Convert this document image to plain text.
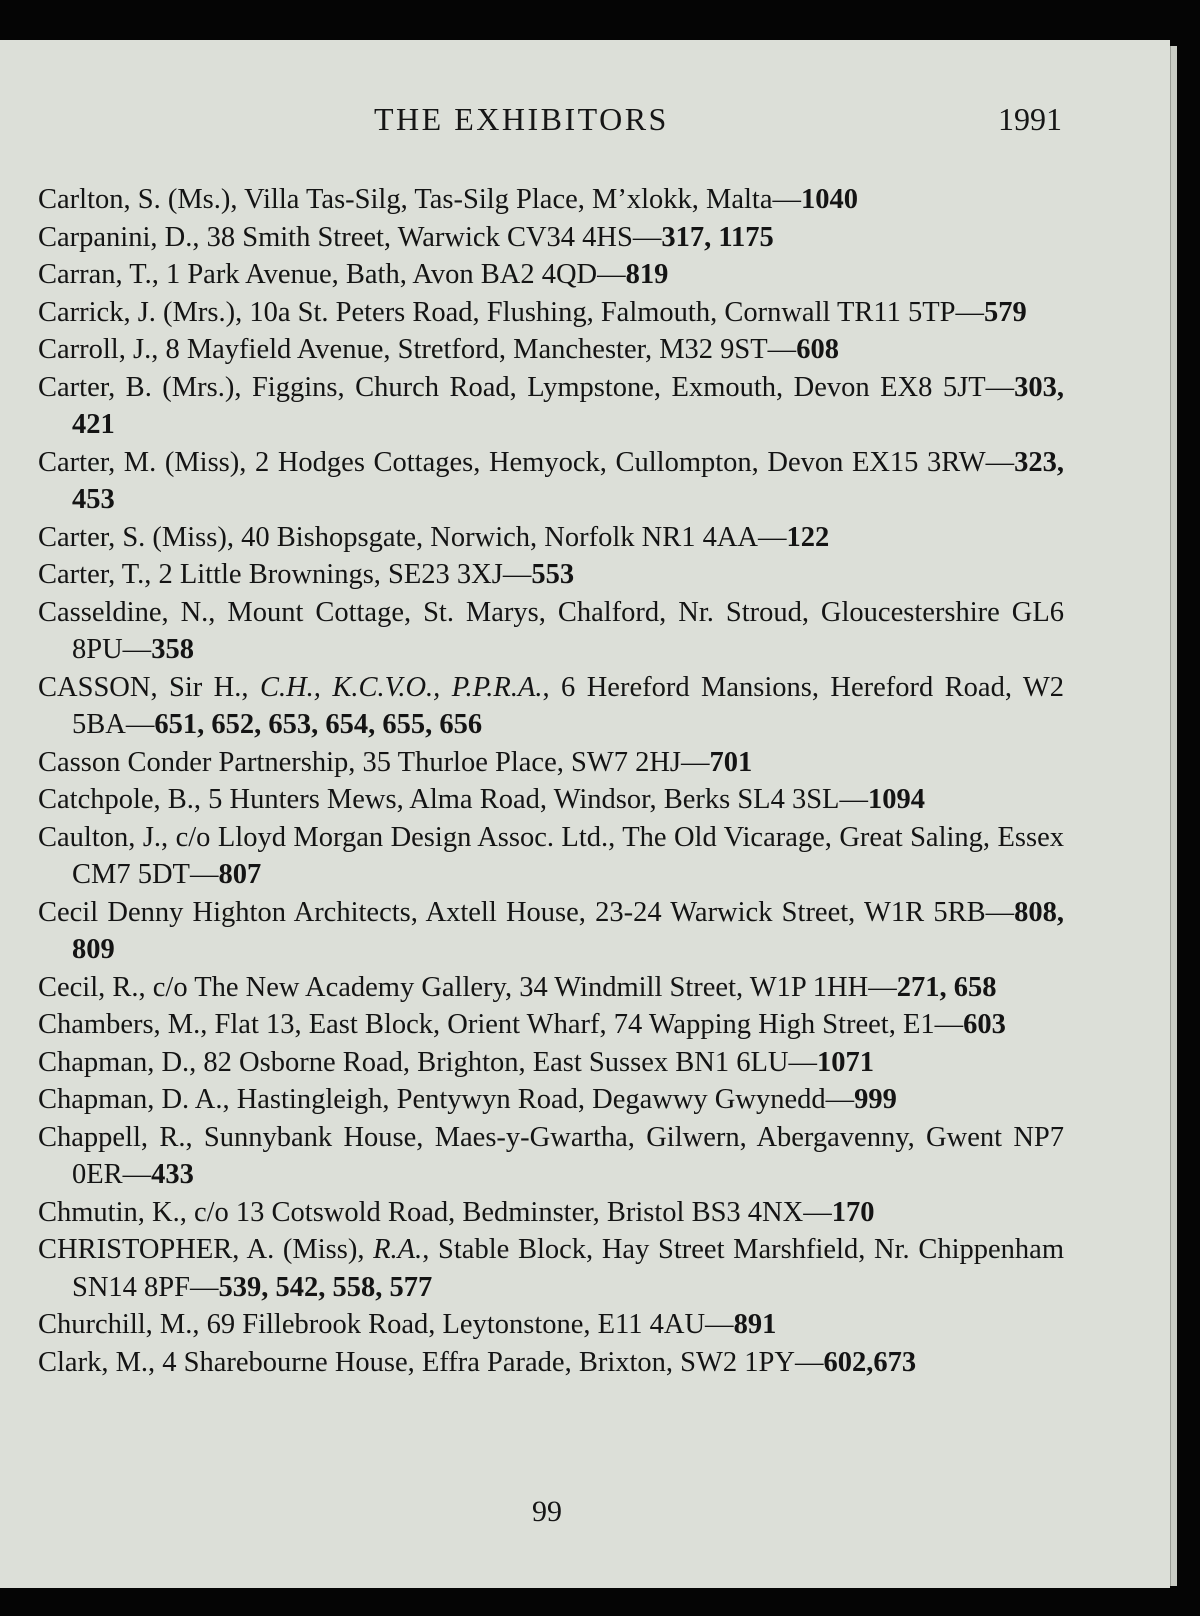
THE EXHIBITORS	1991
Carlton, S. (Ms.), Villa Tas-Silg, Tas-Silg Place, M’xlokk, Malta—1040
Carpanini, D., 38 Smith Street, Warwick CV34 4HS—317, 1175
Carran, T., 1 Park Avenue, Bath, Avon BA2 4QD—819
Carrick, J. (Mrs.), 10a St. Peters Road, Flushing, Falmouth, Cornwall TR11 5TP—579
Carroll, J., 8 Mayfield Avenue, Stretford, Manchester, M32 9ST—608
Carter, B. (Mrs.), Figgins, Church Road, Lympstone, Exmouth, Devon EX8 5JT—303, 421
Carter, M. (Miss), 2 Hodges Cottages, Hemyock, Cullompton, Devon EX15 3RW—323, 453
Carter, S. (Miss), 40 Bishopsgate, Norwich, Norfolk NR1 4AA—122
Carter, T., 2 Little Brownings, SE23 3XJ—553
Casseldine, N., Mount Cottage, St. Marys, Chalford, Nr. Stroud, Gloucestershire GL6 8PU—358
CASSON, Sir H., C.H., K.C.V.O., P.P.R.A., 6 Hereford Mansions, Hereford Road, W2 5BA—651, 652, 653, 654, 655, 656
Casson Conder Partnership, 35 Thurloe Place, SW7 2HJ—701
Catchpole, B., 5 Hunters Mews, Alma Road, Windsor, Berks SL4 3SL—1094
Caulton, J., c/o Lloyd Morgan Design Assoc. Ltd., The Old Vicarage, Great Saling, Essex CM7 5DT—807
Cecil Denny Highton Architects, Axtell House, 23-24 Warwick Street, W1R 5RB—808, 809
Cecil, R., c/o The New Academy Gallery, 34 Windmill Street, W1P 1HH—271, 658
Chambers, M., Flat 13, East Block, Orient Wharf, 74 Wapping High Street, E1—603
Chapman, D., 82 Osborne Road, Brighton, East Sussex BN1 6LU—1071
Chapman, D. A., Hastingleigh, Pentywyn Road, Degawwy Gwynedd—999
Chappell, R., Sunnybank House, Maes-y-Gwartha, Gilwern, Abergavenny, Gwent NP7 0ER—433
Chmutin, K., c/o 13 Cotswold Road, Bedminster, Bristol BS3 4NX—170
CHRISTOPHER, A. (Miss), R.A., Stable Block, Hay Street Marshfield, Nr. Chippenham SN14 8PF—539, 542, 558, 577
Churchill, M., 69 Fillebrook Road, Leytonstone, E11 4AU—891
Clark, M., 4 Sharebourne House, Effra Parade, Brixton, SW2 1PY—602,673
99
